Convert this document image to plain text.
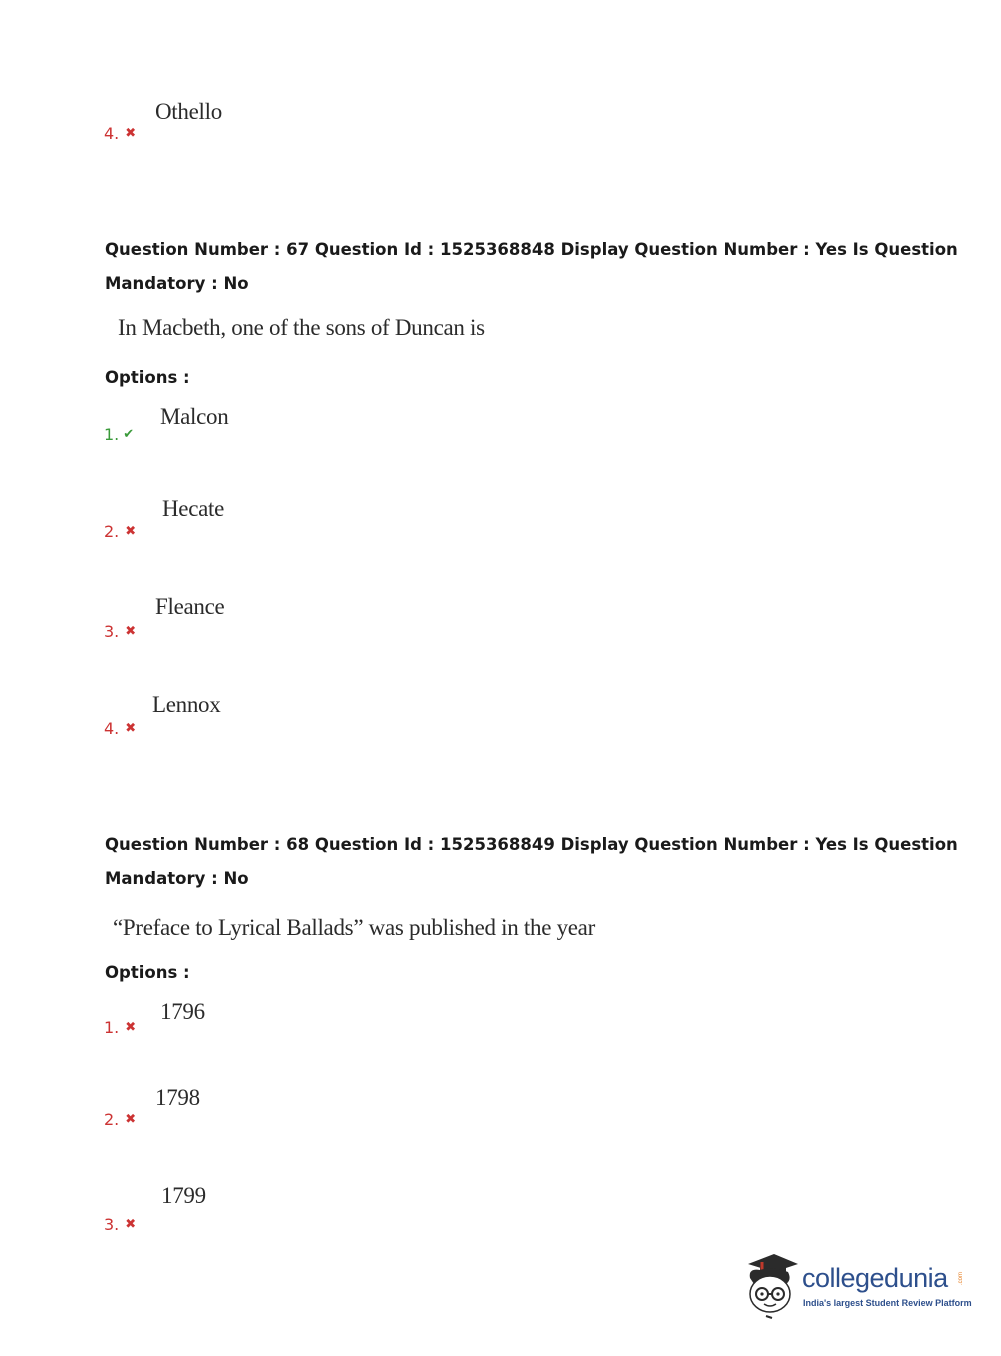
Othello
4. ✖
Question Number : 67 Question Id : 1525368848 Display Question Number : Yes Is Question
Mandatory : No
In Macbeth, one of the sons of Duncan is
Options :
Malcon
1. ✔
Hecate
2. ✖
Fleance
3. ✖
Lennox
4. ✖
Question Number : 68 Question Id : 1525368849 Display Question Number : Yes Is Question
Mandatory : No
“Preface to Lyrical Ballads” was published in the year
Options :
1796
1. ✖
1798
2. ✖
1799
3. ✖
collegedunia .com
India's largest Student Review Platform
